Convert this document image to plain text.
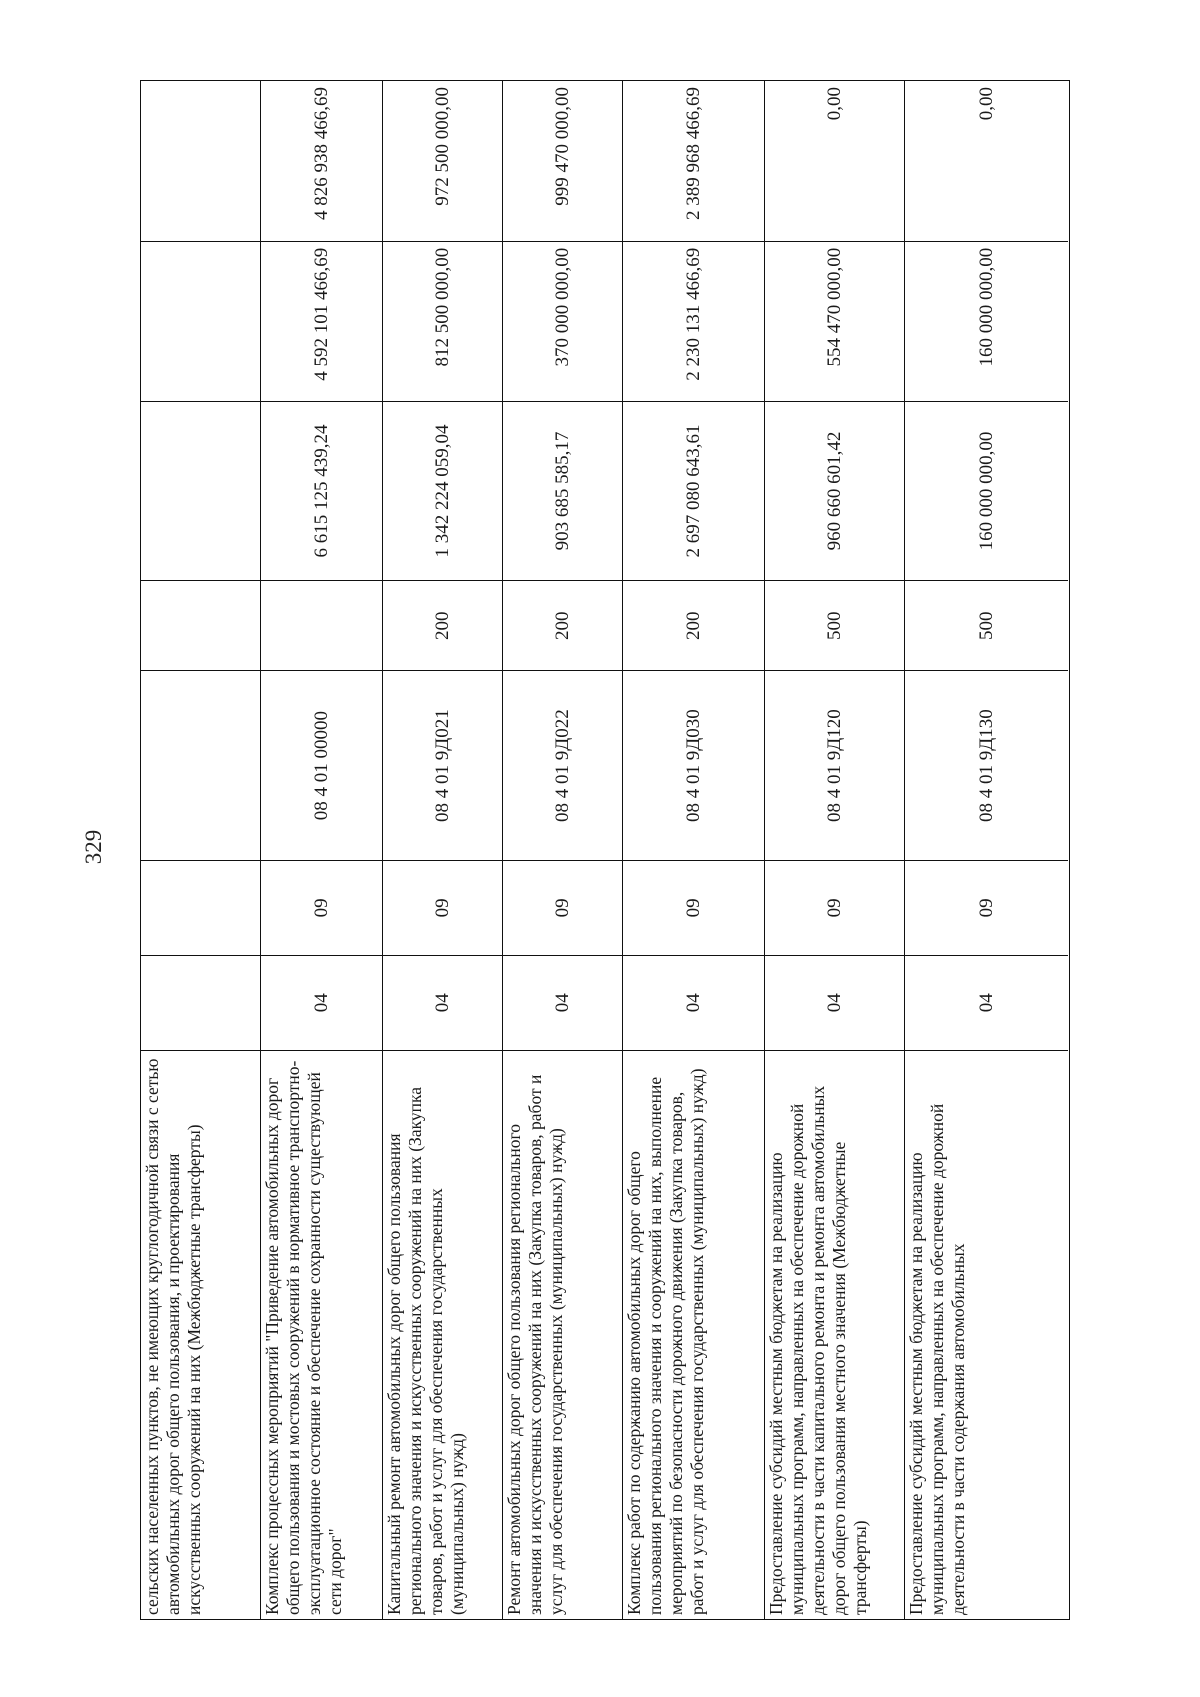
329
сельских населенных пунктов, не имеющих круглогодичной связи с сетью автомобильных дорог общего пользования, и проектирования искусственных сооружений на них (Межбюджетные трансферты)	Комплекс процессных мероприятий "Приведение автомобильных дорог общего пользования и мостовых сооружений в нормативное транспортно-эксплуатационное состояние и обеспечение сохранности существующей сети дорог"
04
09
08 4 01 00000
6 615 125 439,24
4 592 101 466,69
4 826 938 466,69
Капитальный ремонт автомобильных дорог общего пользования регионального значения и искусственных сооружений на них (Закупка товаров, работ и услуг для обеспечения государственных (муниципальных) нужд)
04
09
08 4 01 9Д021
200
1 342 224 059,04
812 500 000,00
972 500 000,00
Ремонт автомобильных дорог общего пользования регионального значения и искусственных сооружений на них (Закупка товаров, работ и услуг для обеспечения государственных (муниципальных) нужд)
04
09
08 4 01 9Д022
200
903 685 585,17
370 000 000,00
999 470 000,00
Комплекс работ по содержанию автомобильных дорог общего пользования регионального значения и сооружений на них, выполнение мероприятий по безопасности дорожного движения (Закупка товаров, работ и услуг для обеспечения государственных (муниципальных) нужд)
04
09
08 4 01 9Д030
200
2 697 080 643,61
2 230 131 466,69
2 389 968 466,69
Предоставление субсидий местным бюджетам на реализацию муниципальных программ, направленных на обеспечение дорожной деятельности в части капитального ремонта и ремонта автомобильных дорог общего пользования местного значения (Межбюджетные трансферты)
04
09
08 4 01 9Д120
500
960 660 601,42
554 470 000,00
0,00
Предоставление субсидий местным бюджетам на реализацию муниципальных программ, направленных на обеспечение дорожной деятельности в части содержания автомобильных
04
09
08 4 01 9Д130
500
160 000 000,00
160 000 000,00
0,00
